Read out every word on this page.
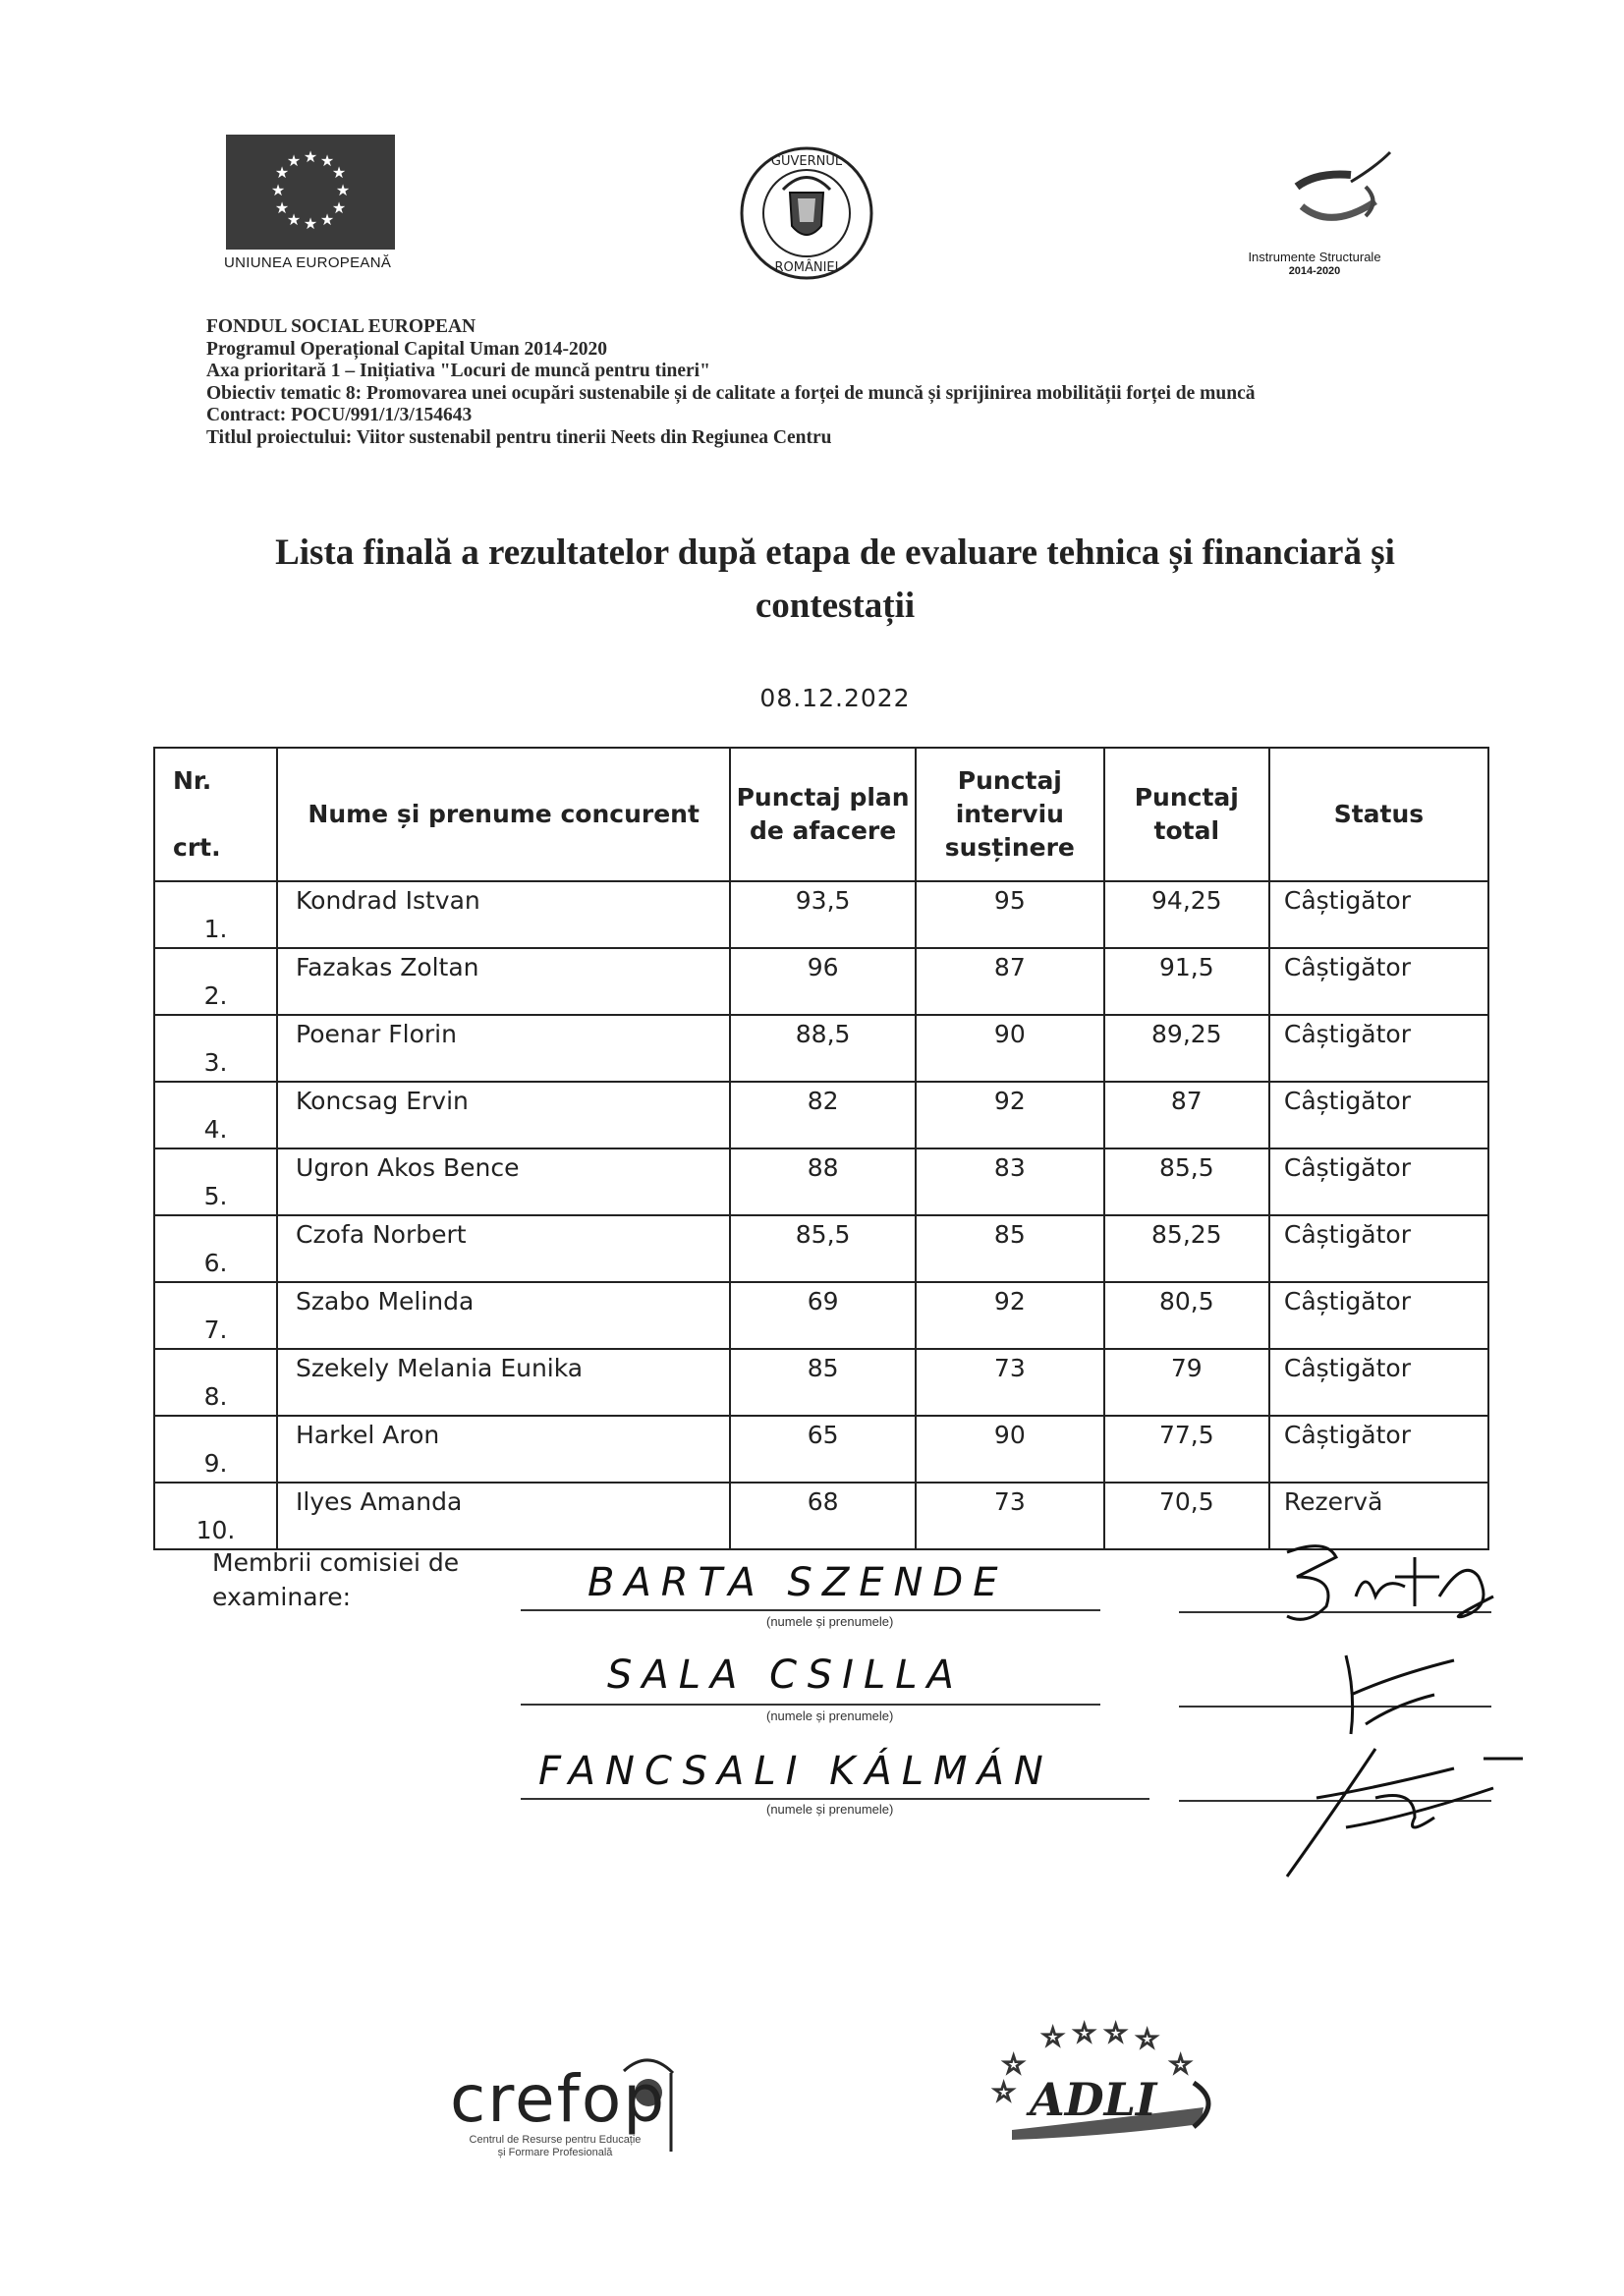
★ ★
★
★
★
★
★
★
★
★
★
★
UNIUNEA EUROPEANĂ
GUVERNUL
ROMÂNIEI
Instrumente Structurale
2014-2020
FONDUL SOCIAL EUROPEAN
Programul Operațional Capital Uman 2014-2020
Axa prioritară 1 – Inițiativa "Locuri de muncă pentru tineri"
Obiectiv tematic 8: Promovarea unei ocupări sustenabile și de calitate a forței de muncă și sprijinirea mobilității forței de muncă
Contract: POCU/991/1/3/154643
Titlul proiectului: Viitor sustenabil pentru tinerii Neets din Regiunea Centru
Lista finală a rezultatelor după etapa de evaluare tehnica și financiară și
contestații
08.12.2022
Nr.
crt.	Nume și prenume concurent	Punctaj plan de afacere	Punctaj interviu susținere	Punctaj total	Status
1.	Kondrad Istvan	93,5	95	94,25	Câștigător
2.	Fazakas Zoltan	96	87	91,5	Câștigător
3.	Poenar Florin	88,5	90	89,25	Câștigător
4.	Koncsag Ervin	82	92	87	Câștigător
5.	Ugron Akos Bence	88	83	85,5	Câștigător
6.	Czofa Norbert	85,5	85	85,25	Câștigător
7.	Szabo Melinda	69	92	80,5	Câștigător
8.	Szekely Melania Eunika	85	73	79	Câștigător
9.	Harkel Aron	65	90	77,5	Câștigător
10.	Ilyes Amanda	68	73	70,5	Rezervă
Membrii comisiei de
examinare:	BARTA SZENDE
(numele și prenumele)
SALA CSILLA
(numele și prenumele)
FANCSALI KÁLMÁN
(numele și prenumele)
crefop
Centrul de Resurse pentru Educație
și Formare Profesională
☆ ☆ ☆ ☆
☆	☆
☆ ADLI
